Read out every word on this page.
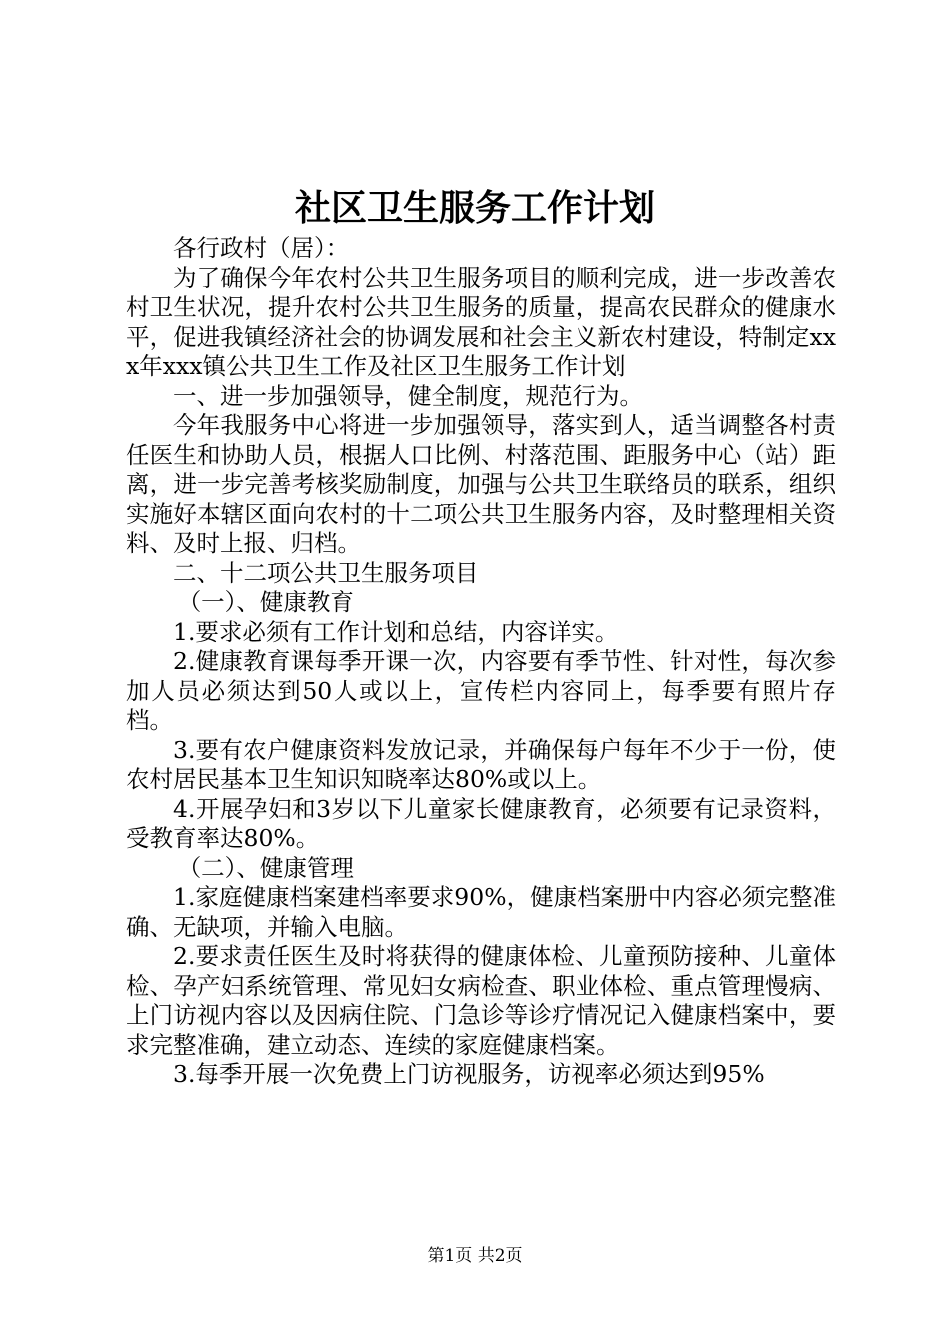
社区卫生服务工作计划

各行政村（居）：

为了确保今年农村公共卫生服务项目的顺利完成，进一步改善农村卫生状况，提升农村公共卫生服务的质量，提高农民群众的健康水平，促进我镇经济社会的协调发展和社会主义新农村建设，特制定xxx年xxx镇公共卫生工作及社区卫生服务工作计划

一、进一步加强领导，健全制度，规范行为。

今年我服务中心将进一步加强领导，落实到人，适当调整各村责任医生和协助人员，根据人口比例、村落范围、距服务中心（站）距离，进一步完善考核奖励制度，加强与公共卫生联络员的联系，组织实施好本辖区面向农村的十二项公共卫生服务内容，及时整理相关资料、及时上报、归档。

二、十二项公共卫生服务项目

（一）、健康教育

1.要求必须有工作计划和总结，内容详实。

2.健康教育课每季开课一次，内容要有季节性、针对性，每次参加人员必须达到50人或以上，宣传栏内容同上，每季要有照片存档。

3.要有农户健康资料发放记录，并确保每户每年不少于一份，使农村居民基本卫生知识知晓率达80%或以上。

4.开展孕妇和3岁以下儿童家长健康教育，必须要有记录资料，受教育率达80%。

（二）、健康管理

1.家庭健康档案建档率要求90%，健康档案册中内容必须完整准确、无缺项，并输入电脑。

2.要求责任医生及时将获得的健康体检、儿童预防接种、儿童体检、孕产妇系统管理、常见妇女病检查、职业体检、重点管理慢病、上门访视内容以及因病住院、门急诊等诊疗情况记入健康档案中，要求完整准确，建立动态、连续的家庭健康档案。

3.每季开展一次免费上门访视服务，访视率必须达到95%

第1页 共2页
